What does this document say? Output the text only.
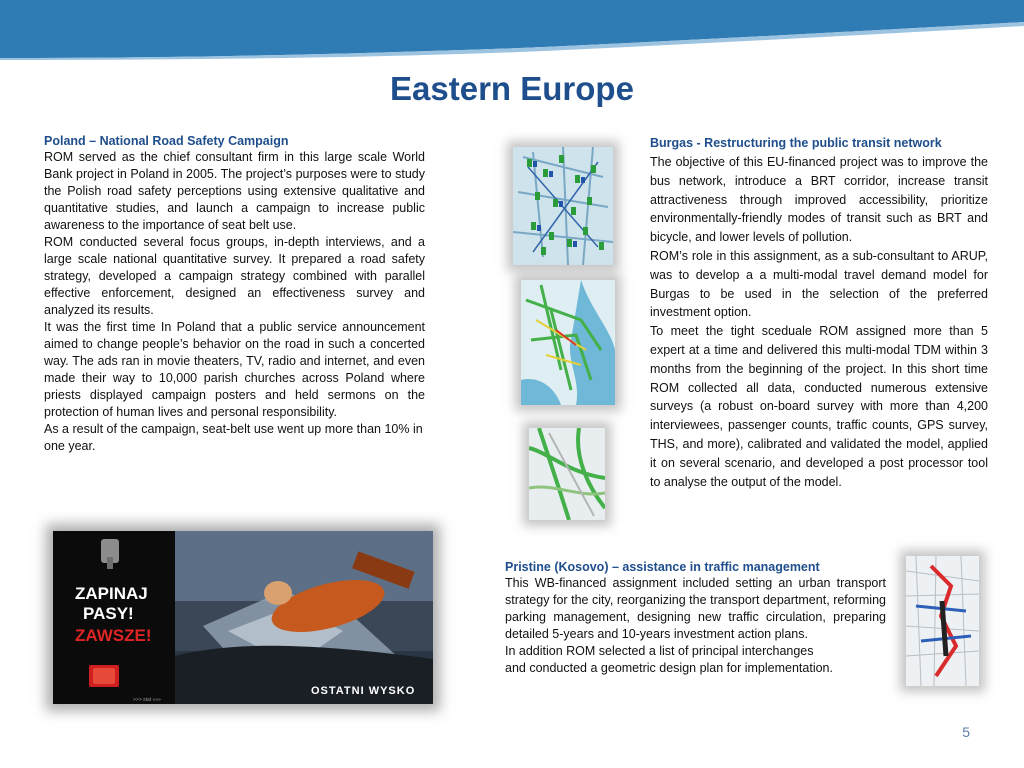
Eastern Europe
Poland – National Road Safety Campaign

ROM served as the chief consultant firm in this large scale World Bank project in Poland in 2005. The project’s purposes were to study the Polish road safety perceptions using extensive qualitative and quantitative studies, and launch a campaign to increase public awareness to the importance of seat belt use.

ROM conducted several focus groups, in-depth interviews, and a large scale national quantitative survey. It prepared a road safety strategy, developed a campaign strategy combined with parallel effective enforcement, designed an effectiveness survey and analyzed its results.

It was the first time In Poland that a public service announcement aimed to change people’s behavior on the road in such a concerted way. The ads ran in movie theaters, TV, radio and internet, and even made their way to 10,000 parish churches across Poland where priests displayed campaign posters and held sermons on the protection of human lives and personal responsibility.

As a result of the campaign, seat-belt use went up more than 10% in one year.

ZAPINAJ
PASY!
ZAWSZE!
>>> stat »»»
OSTATNI WYSKO
Burgas - Restructuring the public transit network

The objective of this EU-financed project was to improve the bus network, introduce a BRT corridor, increase transit attractiveness through improved accessibility, prioritize environmentally-friendly modes of transit such as BRT and bicycle, and lower levels of pollution.

ROM’s role in this assignment, as a sub-consultant to ARUP, was to develop a a multi-modal travel demand model for Burgas to be used in the selection of the preferred investment option.

To meet the tight sceduale ROM assigned more than 5 expert at a time and delivered this multi-modal TDM within 3 months from the beginning of the project. In this short time ROM collected all data, conducted numerous extensive surveys (a robust on-board survey with more than 4,200 interviewees, passenger counts, traffic counts, GPS survey, THS, and more), calibrated and validated the model, applied it on several scenario, and developed a post processor tool to analyse the output of the model.

Pristine (Kosovo) – assistance in traffic management

This WB-financed assignment included setting an urban transport strategy for the city, reorganizing the transport department, reforming parking management, designing new traffic circulation, preparing detailed 5-years and 10-years investment action plans.

In addition ROM selected a list of principal interchanges

and conducted a geometric design plan for implementation.

5
